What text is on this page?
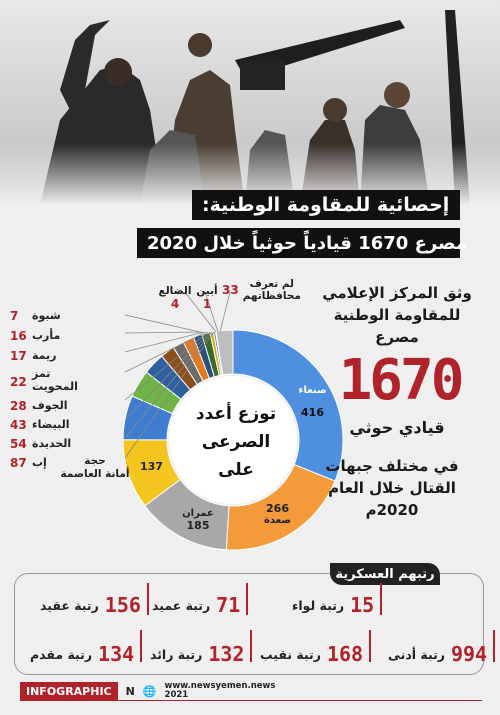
إحصائية للمقاومة الوطنية:
مصرع 1670 قيادياً حوثياً خلال 2020
توزع أعدد
الصرعى
على
صنعاء
416
266
صعدة
عمران
185
137
حجة
أمانة العاصمة
7 شبوة
16 مأرب
17 ريمة
22
تمز
المحويت
28 الجوف
43 البيضاء
54 الحديدة
87 إب
الضالع
4
أبين
1
33	لم تعرف
محافظاتهم وثق المركز الإعلامي للمقاومة الوطنية مصرع
1670
قيادي حوثي
في مختلف جبهات القتال خلال العام 2020م
رتبهم العسكرية
15
رتبة لواء
71
رتبة عميد
156
رتبة عقيد
994
رتبة أدنى
168
رتبة نقيب
132
رتبة رائد
134
رتبة مقدم
INFOGRAPHIC	N 🌐 www.newsyemen.news
2021
